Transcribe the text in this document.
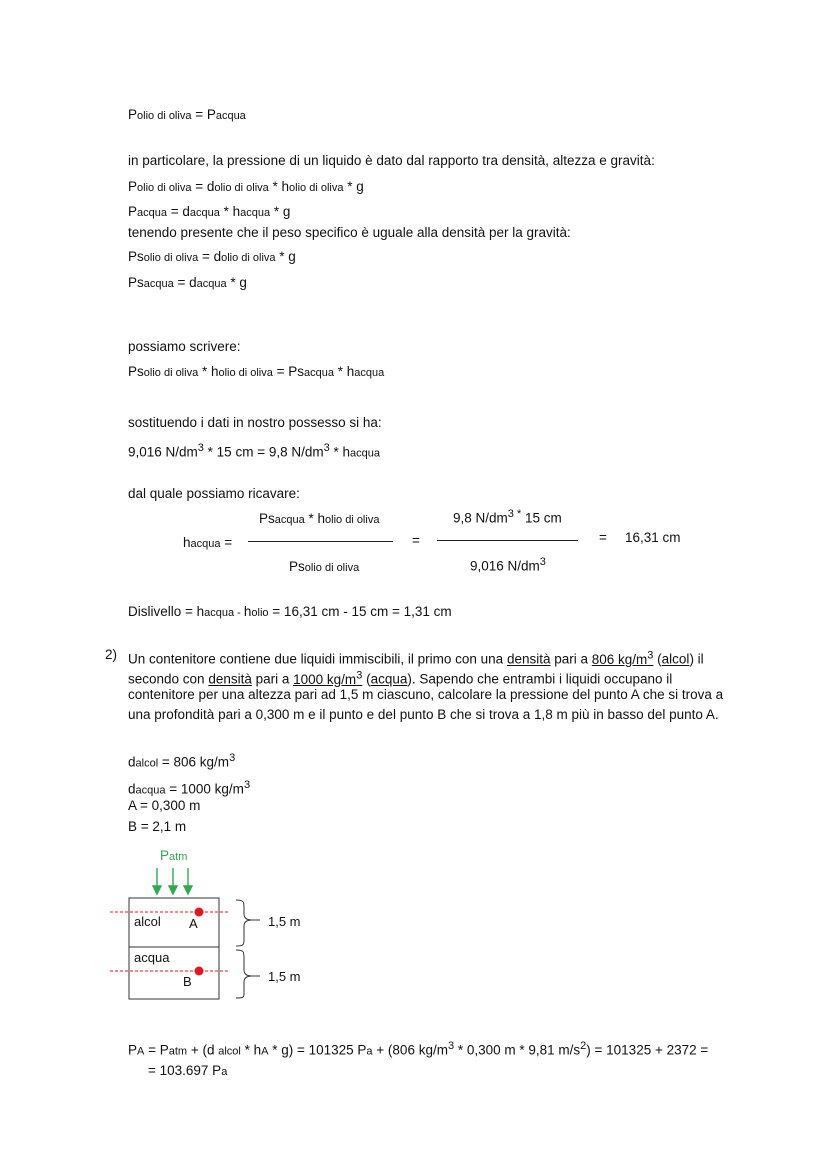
Polio di oliva = Pacqua
in particolare, la pressione di un liquido è dato dal rapporto tra densità, altezza e gravità:
Polio di oliva = dolio di oliva * holio di oliva * g
Pacqua = dacqua * hacqua * g
tenendo presente che il peso specifico è uguale alla densità per la gravità:
Psolio di oliva = dolio di oliva * g
Psacqua = dacqua * g
possiamo scrivere:
Psolio di oliva * holio di oliva = Psacqua * hacqua
sostituendo i dati in nostro possesso si ha:
9,016 $N/dm^3 * 15$ cm = 9,8 $N/dm^3$ * hacqua
dal quale possiamo ricavare:
hacqua =
Psacqua * holio di oliva
Psolio di oliva
=
9,8 $N/dm^{3 *}$ 15 cm
9,016 $N/dm^3$
= 16,31 cm
Dislivello = hacqua - holio = 16,31 cm - 15 cm = 1,31 cm
2) Un contenitore contiene due liquidi immiscibili, il primo con una densità pari a 806 $kg/m^3$ (alcol) il
secondo con densità pari a 1000 $kg/m^3$ (acqua). Sapendo che entrambi i liquidi occupano il
contenitore per una altezza pari ad 1,5 m ciascuno, calcolare la pressione del punto A che si trova a
una profondità pari a 0,300 m e il punto e del punto B che si trova a 1,8 m più in basso del punto A.
dalcol = 806 $kg/m^3$
dacqua = 1000 $kg/m^3$
A = 0,300 m
B = 2,1 m
Patm
alcol A
acqua
B
1,5 m
1,5 m
PA = Patm + (d alcol * hA * g) = 101325 Pa + (806 $kg/m^3 * 0,300$ m * 9,81 $m/s^2) = 101325 + 2372$ =
= 103.697 Pa
